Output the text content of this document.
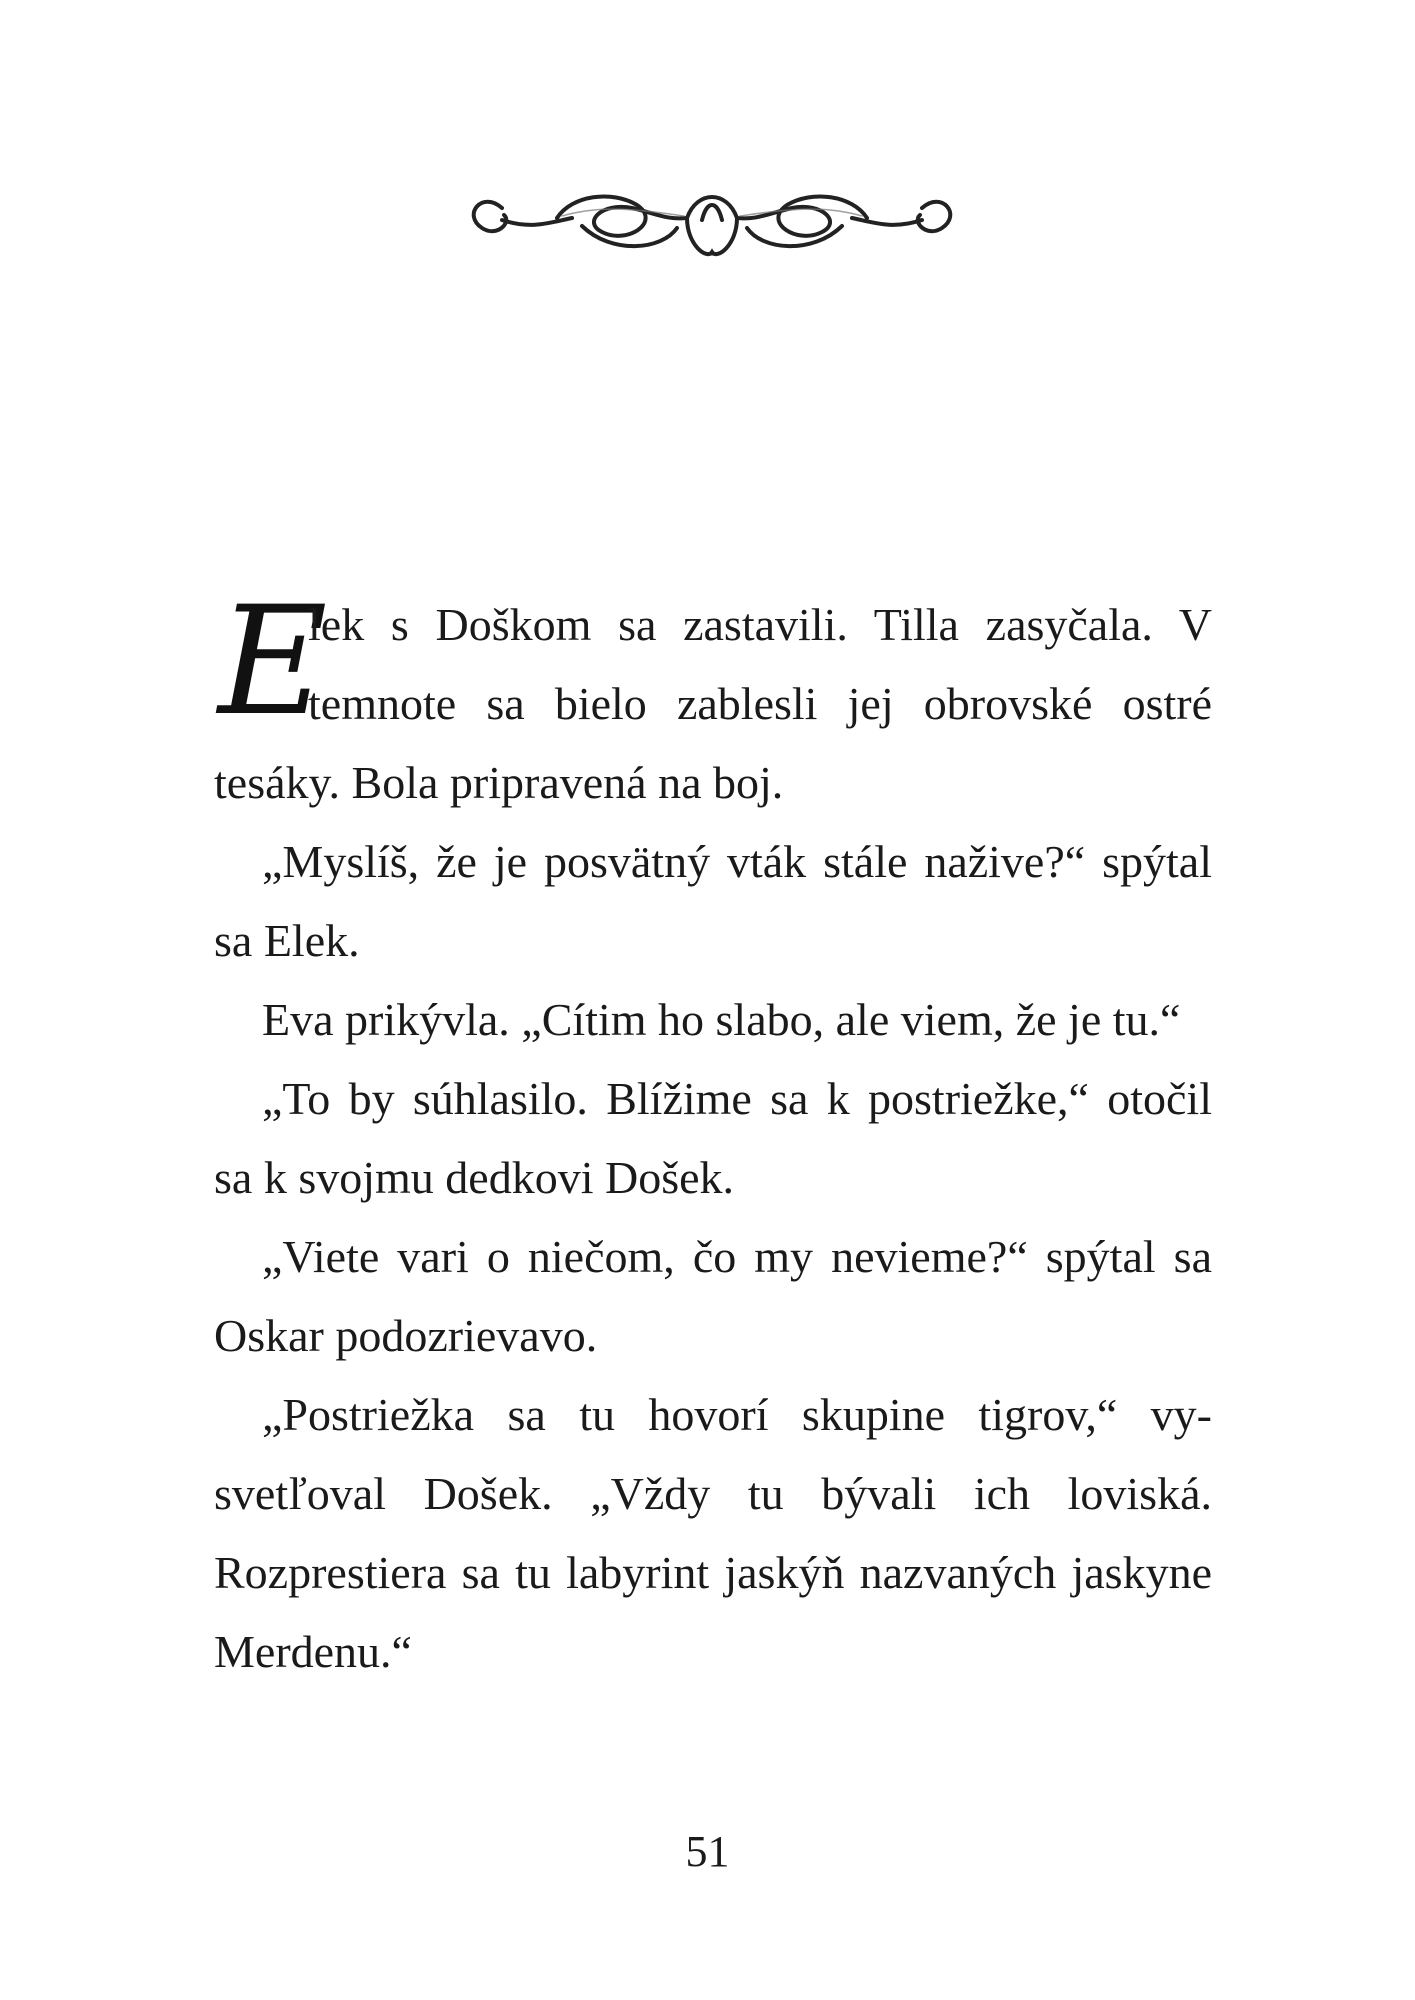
E

lek s Doškom sa zastavili. Tilla zasyčala. V temnote sa bielo zablesli jej obrovské ostré tesáky. Bola pripravená na boj.

„Myslíš, že je posvätný vták stále nažive?“ spýtal sa Elek.

Eva prikývla. „Cítim ho slabo, ale viem, že je tu.“

„To by súhlasilo. Blížime sa k postriežke,“ otočil sa k svojmu dedkovi Došek.

„Viete vari o niečom, čo my nevieme?“ spýtal sa Oskar podozrievavo.

„Postriežka sa tu hovorí skupine tigrov,“ vysvetľoval Došek. „Vždy tu bývali ich loviská. Rozprestiera sa tu labyrint jaskýň nazvaných jaskyne Merdenu.“

51
